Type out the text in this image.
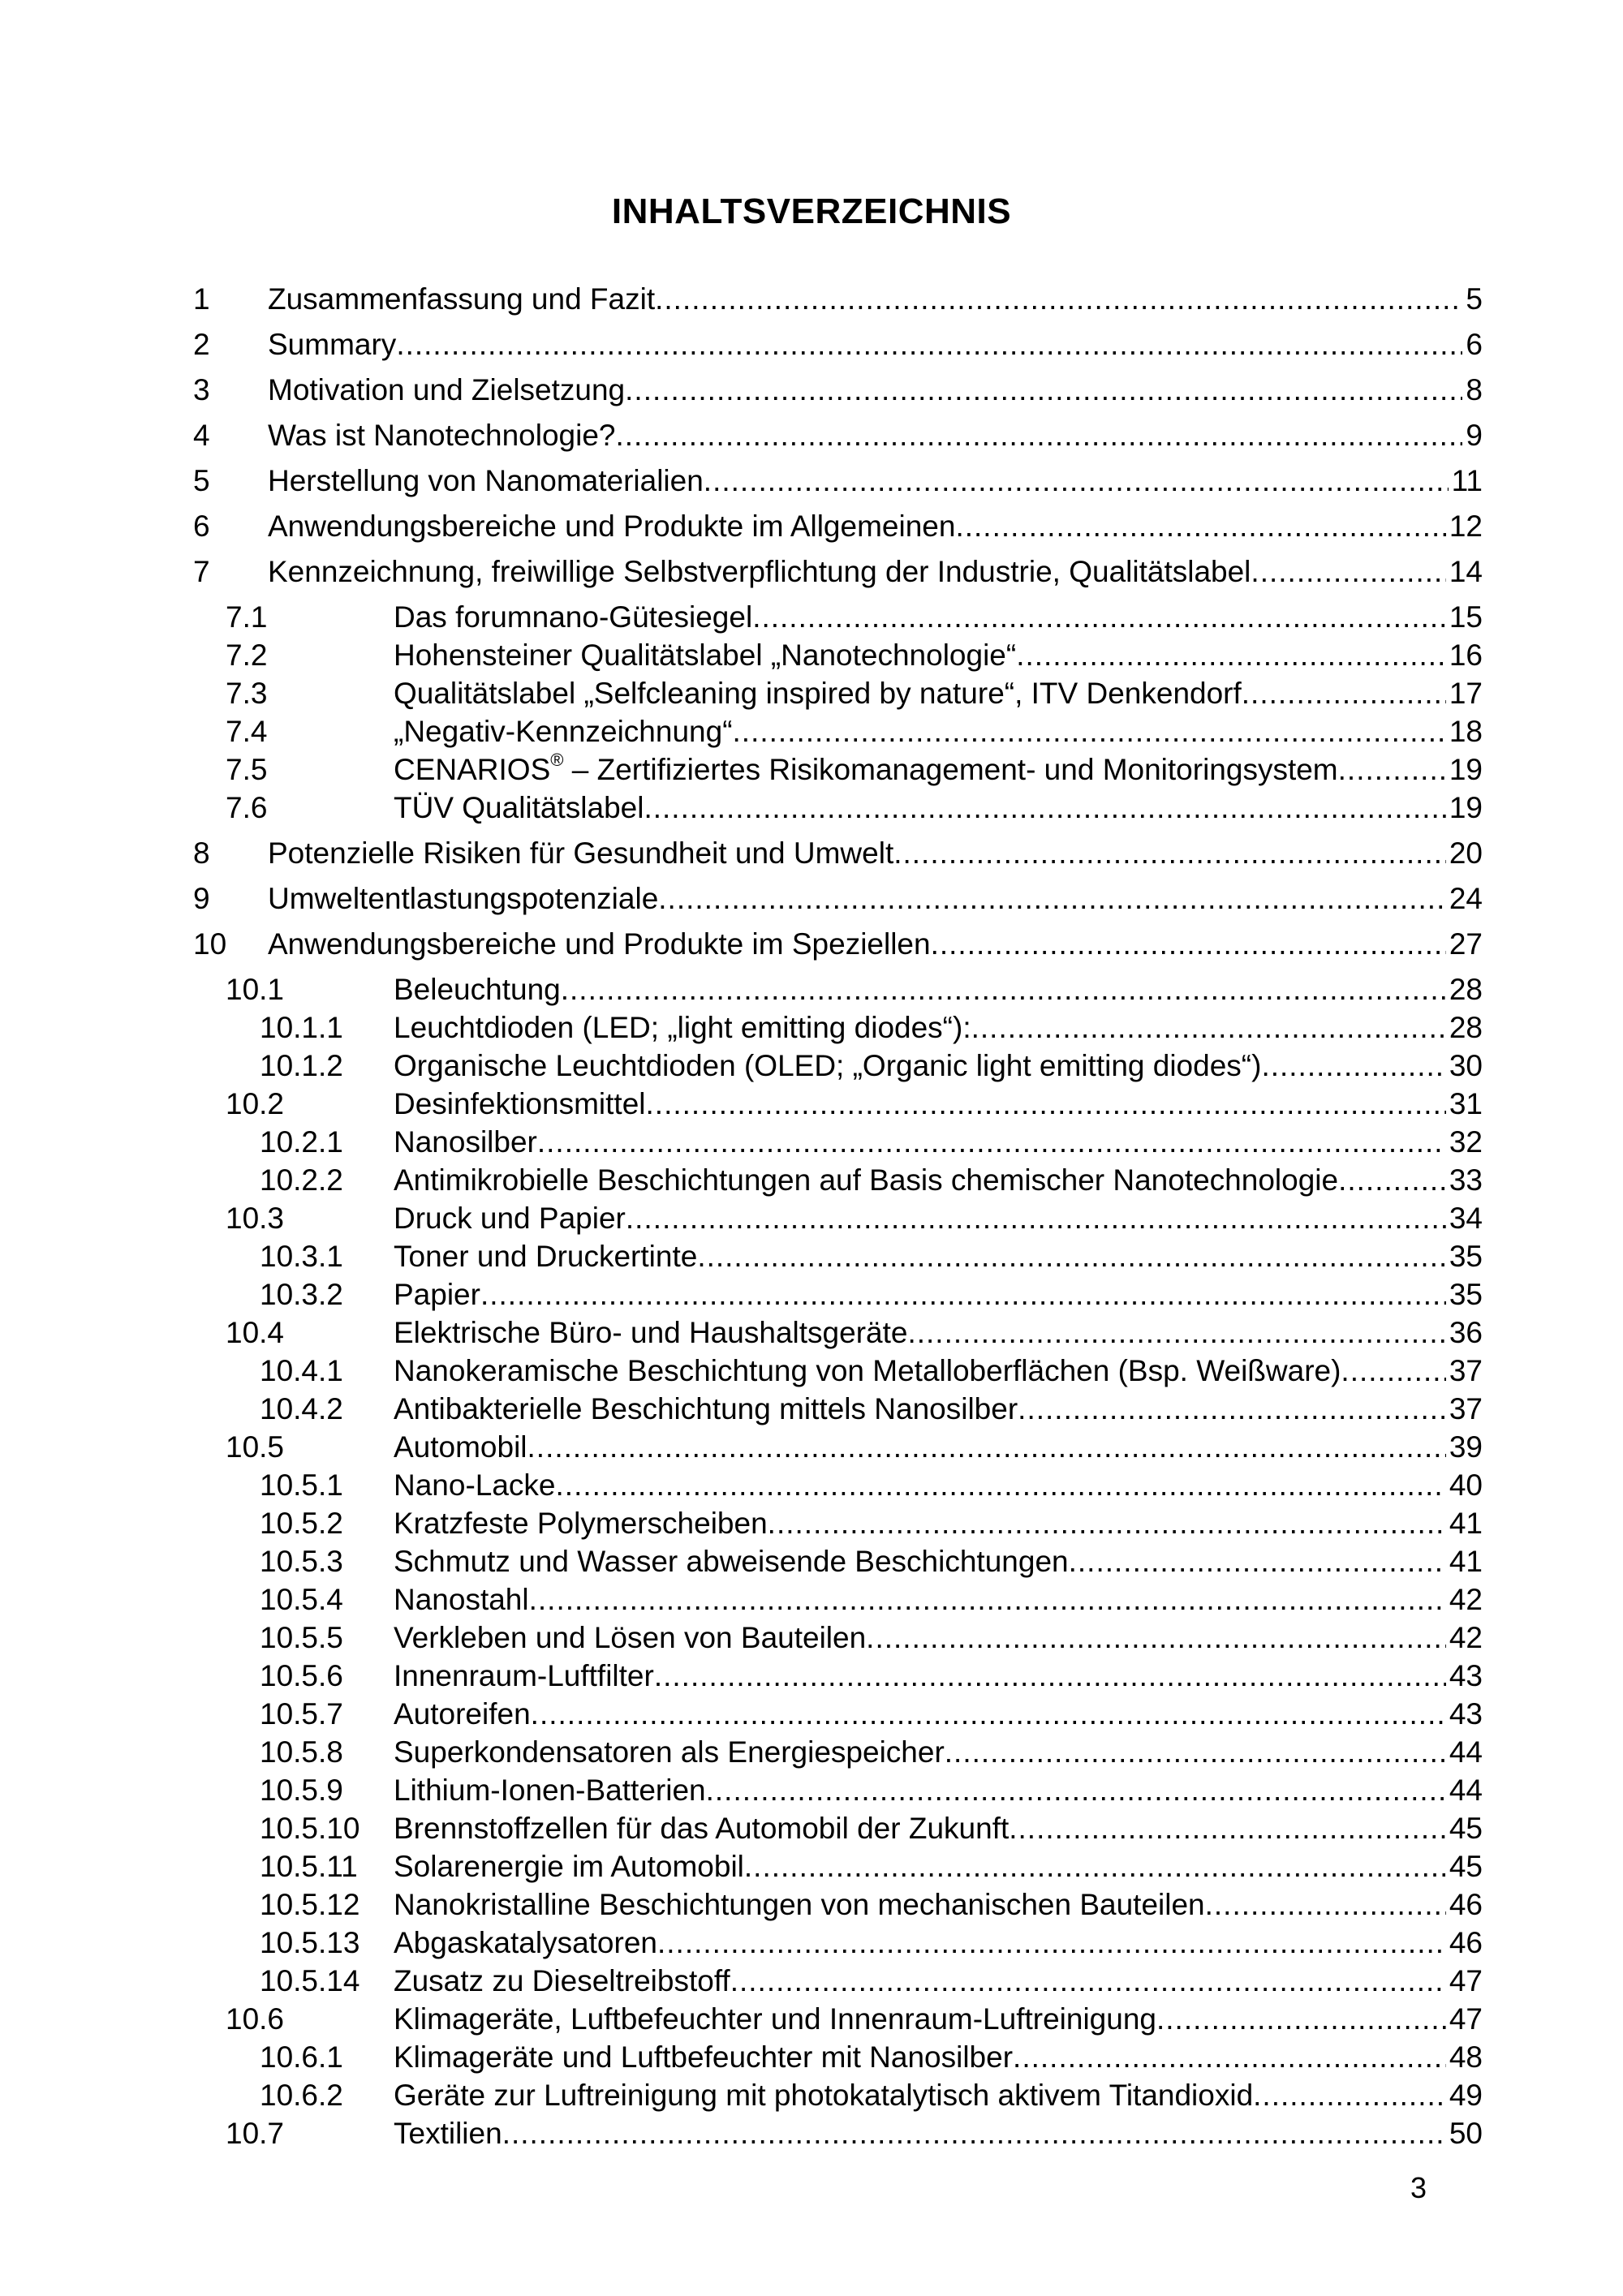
INHALTSVERZEICHNIS
1 Zusammenfassung und Fazit .....	5
2 Summary .....	6
3 Motivation und Zielsetzung .....	8
4 Was ist Nanotechnologie? .....	9
5 Herstellung von Nanomaterialien .....	11
6 Anwendungsbereiche und Produkte im Allgemeinen .....	12
7 Kennzeichnung, freiwillige Selbstverpflichtung der Industrie, Qualitätslabel .....	14
7.1	Das forumnano-Gütesiegel .....	15
7.2	Hohensteiner Qualitätslabel „Nanotechnologie“ .....	16
7.3	Qualitätslabel „Selfcleaning inspired by nature“, ITV Denkendorf .....	17
7.4	„Negativ-Kennzeichnung“ .....	18
7.5	CENARIOS® – Zertifiziertes Risikomanagement- und Monitoringsystem .....	19
7.6	TÜV Qualitätslabel .....	19
8 Potenzielle Risiken für Gesundheit und Umwelt .....	20
9 Umweltentlastungspotenziale .....	24
10 Anwendungsbereiche und Produkte im Speziellen .....	27
10.1	Beleuchtung .....	28
10.1.1 Leuchtdioden (LED; „light emitting diodes“): .....	28
10.1.2 Organische Leuchtdioden (OLED; „Organic light emitting diodes“) .....	30
10.2	Desinfektionsmittel .....	31
10.2.1 Nanosilber .....	32
10.2.2 Antimikrobielle Beschichtungen auf Basis chemischer Nanotechnologie .....	33
10.3	Druck und Papier .....	34
10.3.1 Toner und Druckertinte .....	35
10.3.2 Papier .....	35
10.4	Elektrische Büro- und Haushaltsgeräte .....	36
10.4.1 Nanokeramische Beschichtung von Metalloberflächen (Bsp. Weißware) .....	37
10.4.2 Antibakterielle Beschichtung mittels Nanosilber .....	37
10.5	Automobil .....	39
10.5.1 Nano-Lacke .....	40
10.5.2 Kratzfeste Polymerscheiben .....	41
10.5.3 Schmutz und Wasser abweisende Beschichtungen .....	41
10.5.4 Nanostahl .....	42
10.5.5 Verkleben und Lösen von Bauteilen .....	42
10.5.6 Innenraum-Luftfilter .....	43
10.5.7 Autoreifen .....	43
10.5.8 Superkondensatoren als Energiespeicher .....	44
10.5.9 Lithium-Ionen-Batterien .....	44
10.5.10 Brennstoffzellen für das Automobil der Zukunft .....	45
10.5.11 Solarenergie im Automobil .....	45
10.5.12 Nanokristalline Beschichtungen von mechanischen Bauteilen .....	46
10.5.13 Abgaskatalysatoren .....	46
10.5.14 Zusatz zu Dieseltreibstoff .....	47
10.6	Klimageräte, Luftbefeuchter und Innenraum-Luftreinigung .....	47
10.6.1 Klimageräte und Luftbefeuchter mit Nanosilber .....	48
10.6.2 Geräte zur Luftreinigung mit photokatalytisch aktivem Titandioxid .....	49
10.7	Textilien .....	50
3
